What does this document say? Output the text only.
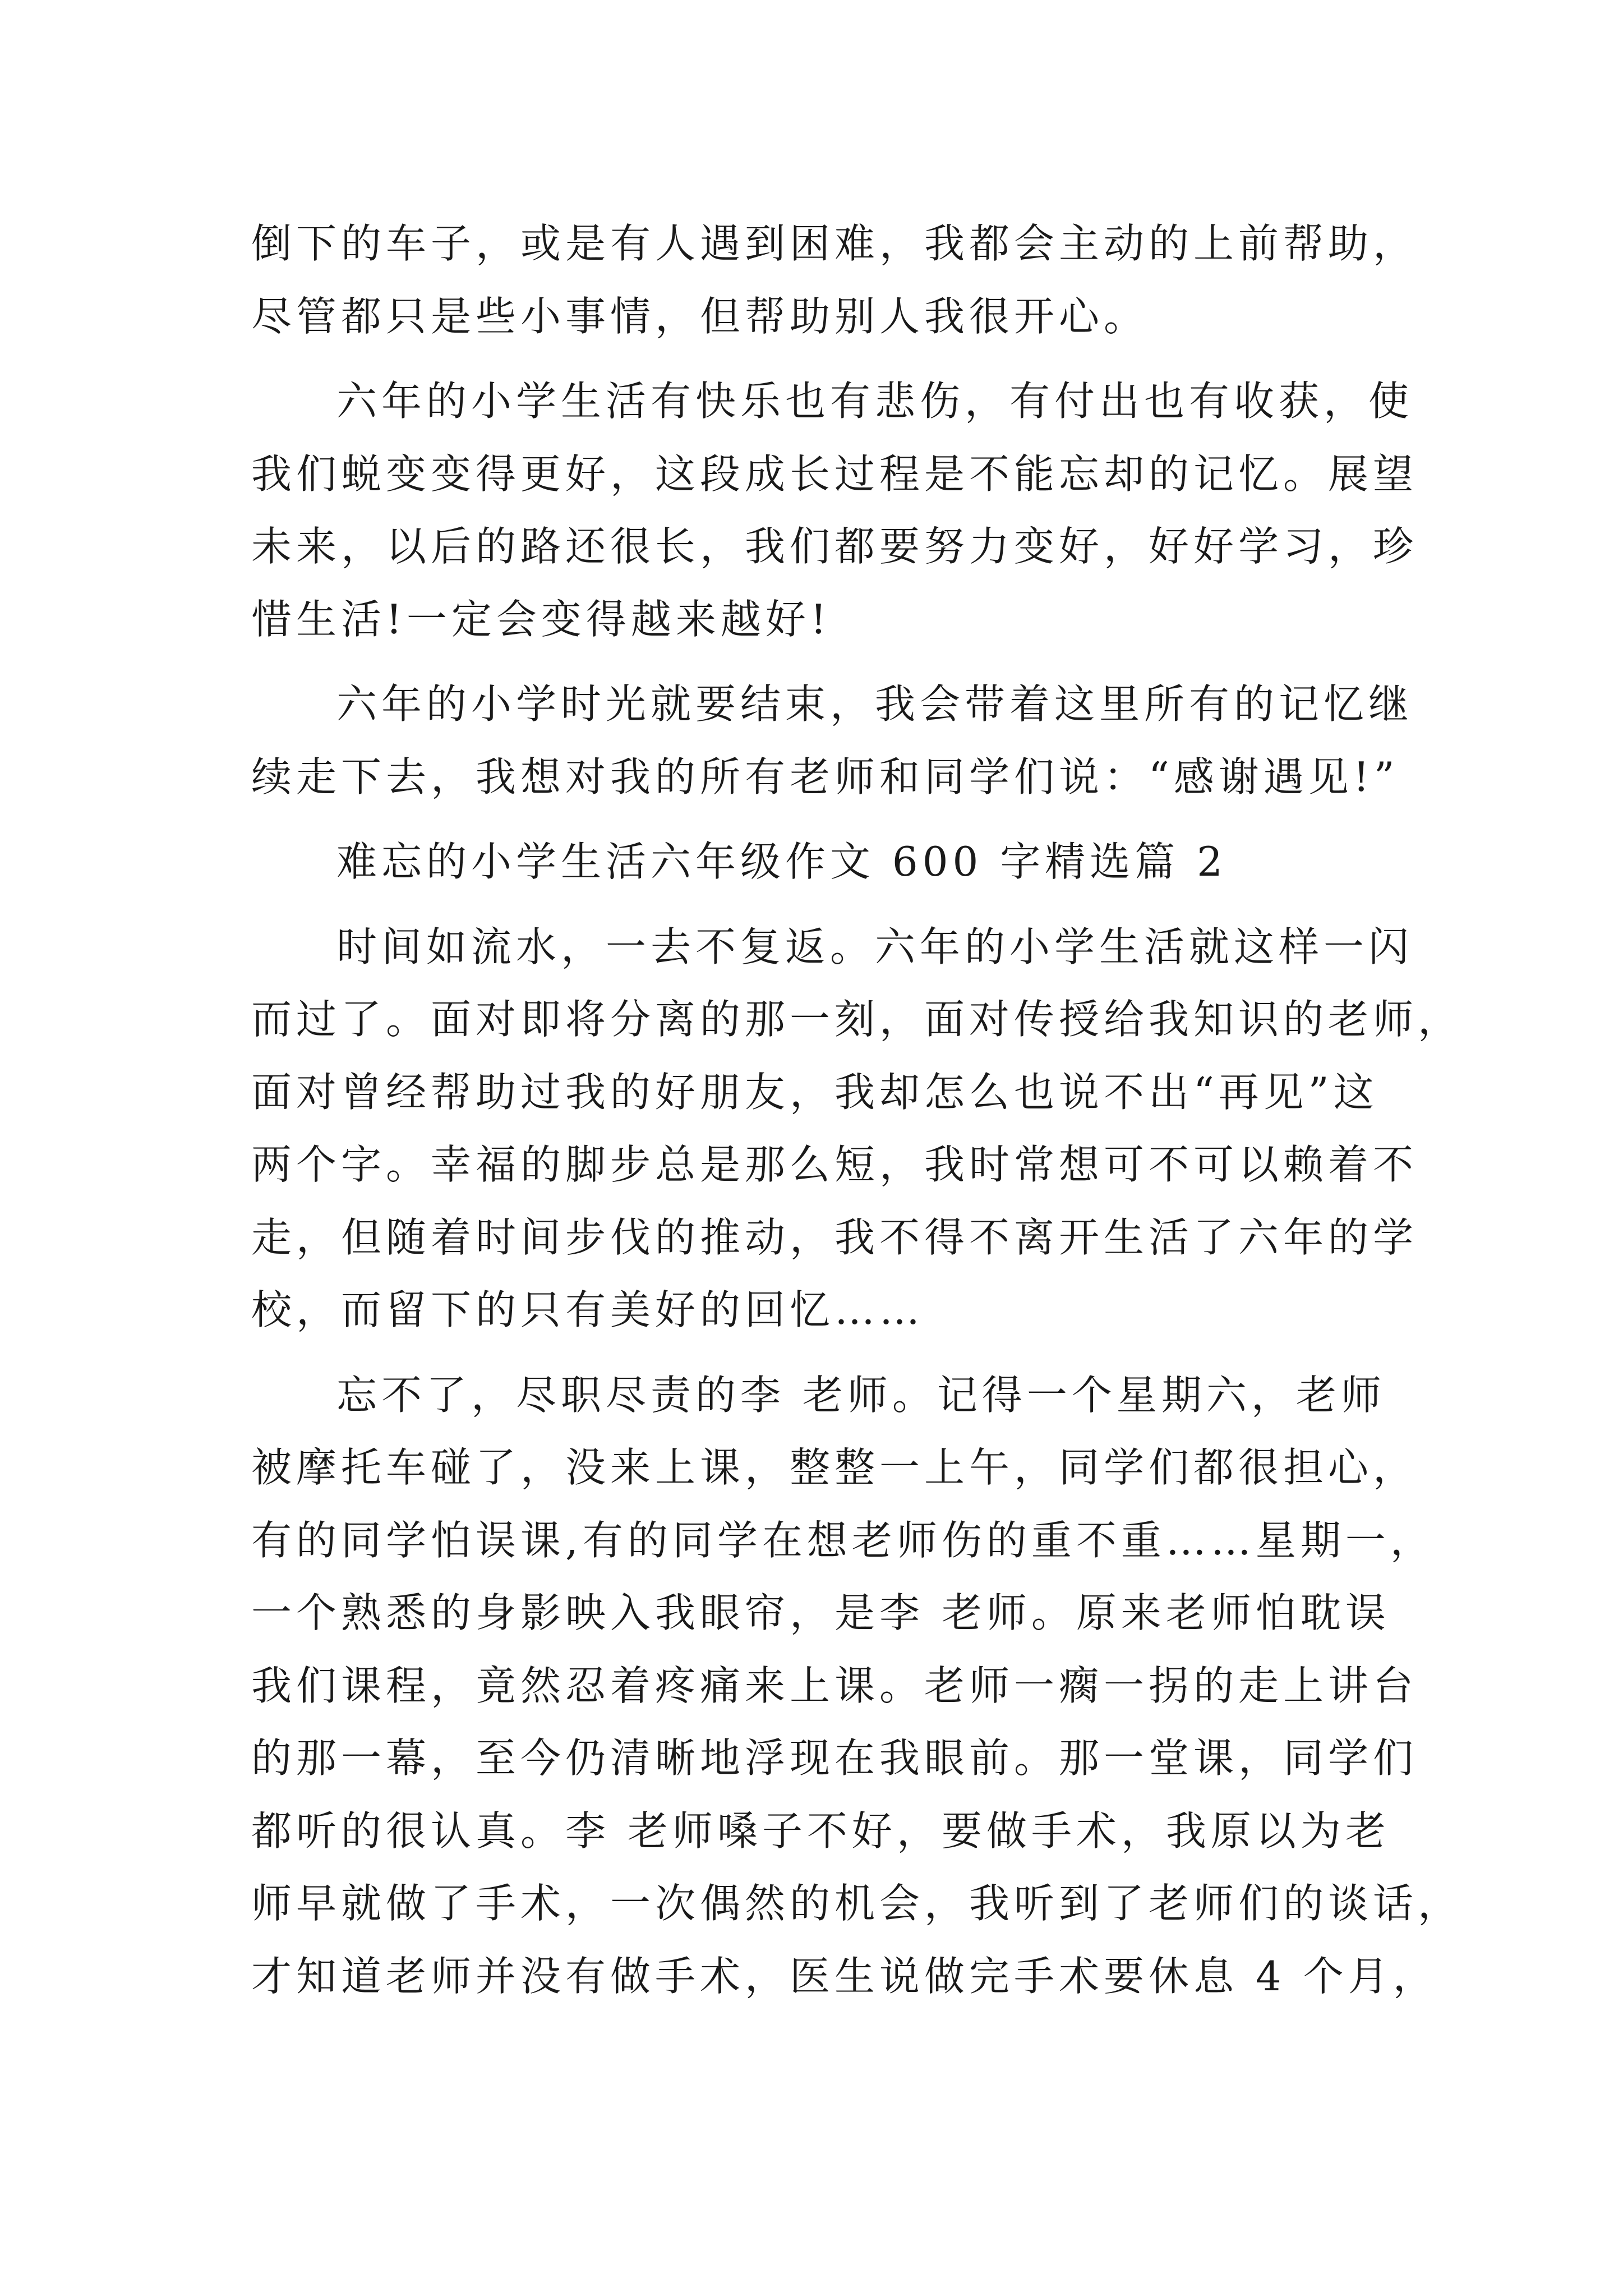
倒下的车子，或是有人遇到困难，我都会主动的上前帮助，
尽管都只是些小事情，但帮助别人我很开心。
六年的小学生活有快乐也有悲伤，有付出也有收获，使
我们蜕变变得更好，这段成长过程是不能忘却的记忆。展望
未来，以后的路还很长，我们都要努力变好，好好学习，珍
惜生活!一定会变得越来越好!
六年的小学时光就要结束，我会带着这里所有的记忆继
续走下去，我想对我的所有老师和同学们说：“感谢遇见!”
难忘的小学生活六年级作文 600 字精选篇 2
时间如流水，一去不复返。六年的小学生活就这样一闪
而过了。面对即将分离的那一刻，面对传授给我知识的老师，
面对曾经帮助过我的好朋友，我却怎么也说不出“再见”这
两个字。幸福的脚步总是那么短，我时常想可不可以赖着不
走，但随着时间步伐的推动，我不得不离开生活了六年的学
校，而留下的只有美好的回忆……
忘不了，尽职尽责的李 老师。记得一个星期六，老师
被摩托车碰了，没来上课，整整一上午，同学们都很担心，
有的同学怕误课,有的同学在想老师伤的重不重……星期一，
一个熟悉的身影映入我眼帘，是李 老师。原来老师怕耽误
我们课程，竟然忍着疼痛来上课。老师一瘸一拐的走上讲台
的那一幕，至今仍清晰地浮现在我眼前。那一堂课，同学们
都听的很认真。李 老师嗓子不好，要做手术，我原以为老
师早就做了手术，一次偶然的机会，我听到了老师们的谈话，
才知道老师并没有做手术，医生说做完手术要休息 4 个月，
